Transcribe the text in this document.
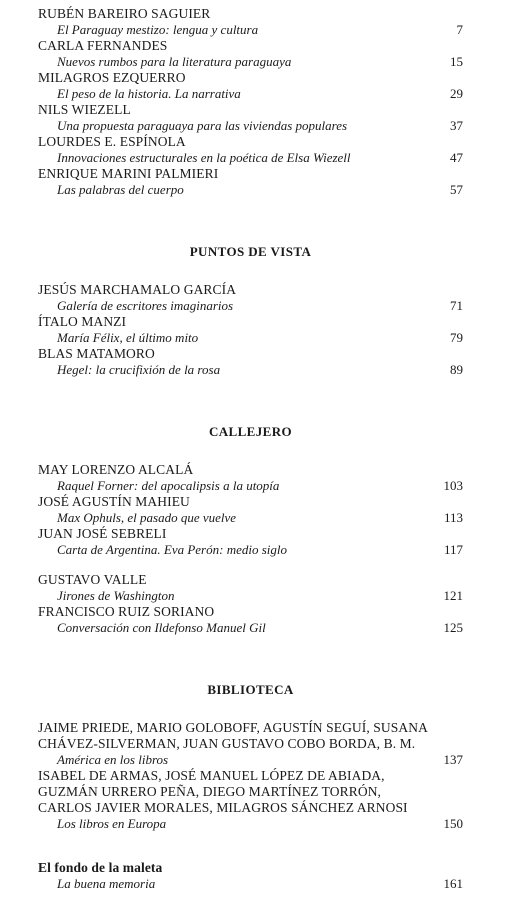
RUBÉN BAREIRO SAGUIER
El Paraguay mestizo: lengua y cultura	7
CARLA FERNANDES
Nuevos rumbos para la literatura paraguaya	15
MILAGROS EZQUERRO
El peso de la historia. La narrativa	29
NILS WIEZELL
Una propuesta paraguaya para las viviendas populares	37
LOURDES E. ESPÍNOLA
Innovaciones estructurales en la poética de Elsa Wiezell	47
ENRIQUE MARINI PALMIERI
Las palabras del cuerpo	57
PUNTOS DE VISTA
JESÚS MARCHAMALO GARCÍA
Galería de escritores imaginarios	71
ÍTALO MANZI
María Félix, el último mito	79
BLAS MATAMORO
Hegel: la crucifixión de la rosa	89
CALLEJERO
MAY LORENZO ALCALÁ
Raquel Forner: del apocalipsis a la utopía	103
JOSÉ AGUSTÍN MAHIEU
Max Ophuls, el pasado que vuelve	113
JUAN JOSÉ SEBRELI
Carta de Argentina. Eva Perón: medio siglo	117
GUSTAVO VALLE
Jirones de Washington	121
FRANCISCO RUIZ SORIANO
Conversación con Ildefonso Manuel Gil	125
BIBLIOTECA
JAIME PRIEDE, MARIO GOLOBOFF, AGUSTÍN SEGUÍ, SUSANA
CHÁVEZ-SILVERMAN, JUAN GUSTAVO COBO BORDA, B. M.
América en los libros	137
ISABEL DE ARMAS, JOSÉ MANUEL LÓPEZ DE ABIADA,
GUZMÁN URRERO PEÑA, DIEGO MARTÍNEZ TORRÓN,
CARLOS JAVIER MORALES, MILAGROS SÁNCHEZ ARNOSI
Los libros en Europa	150
El fondo de la maleta
La buena memoria	161
